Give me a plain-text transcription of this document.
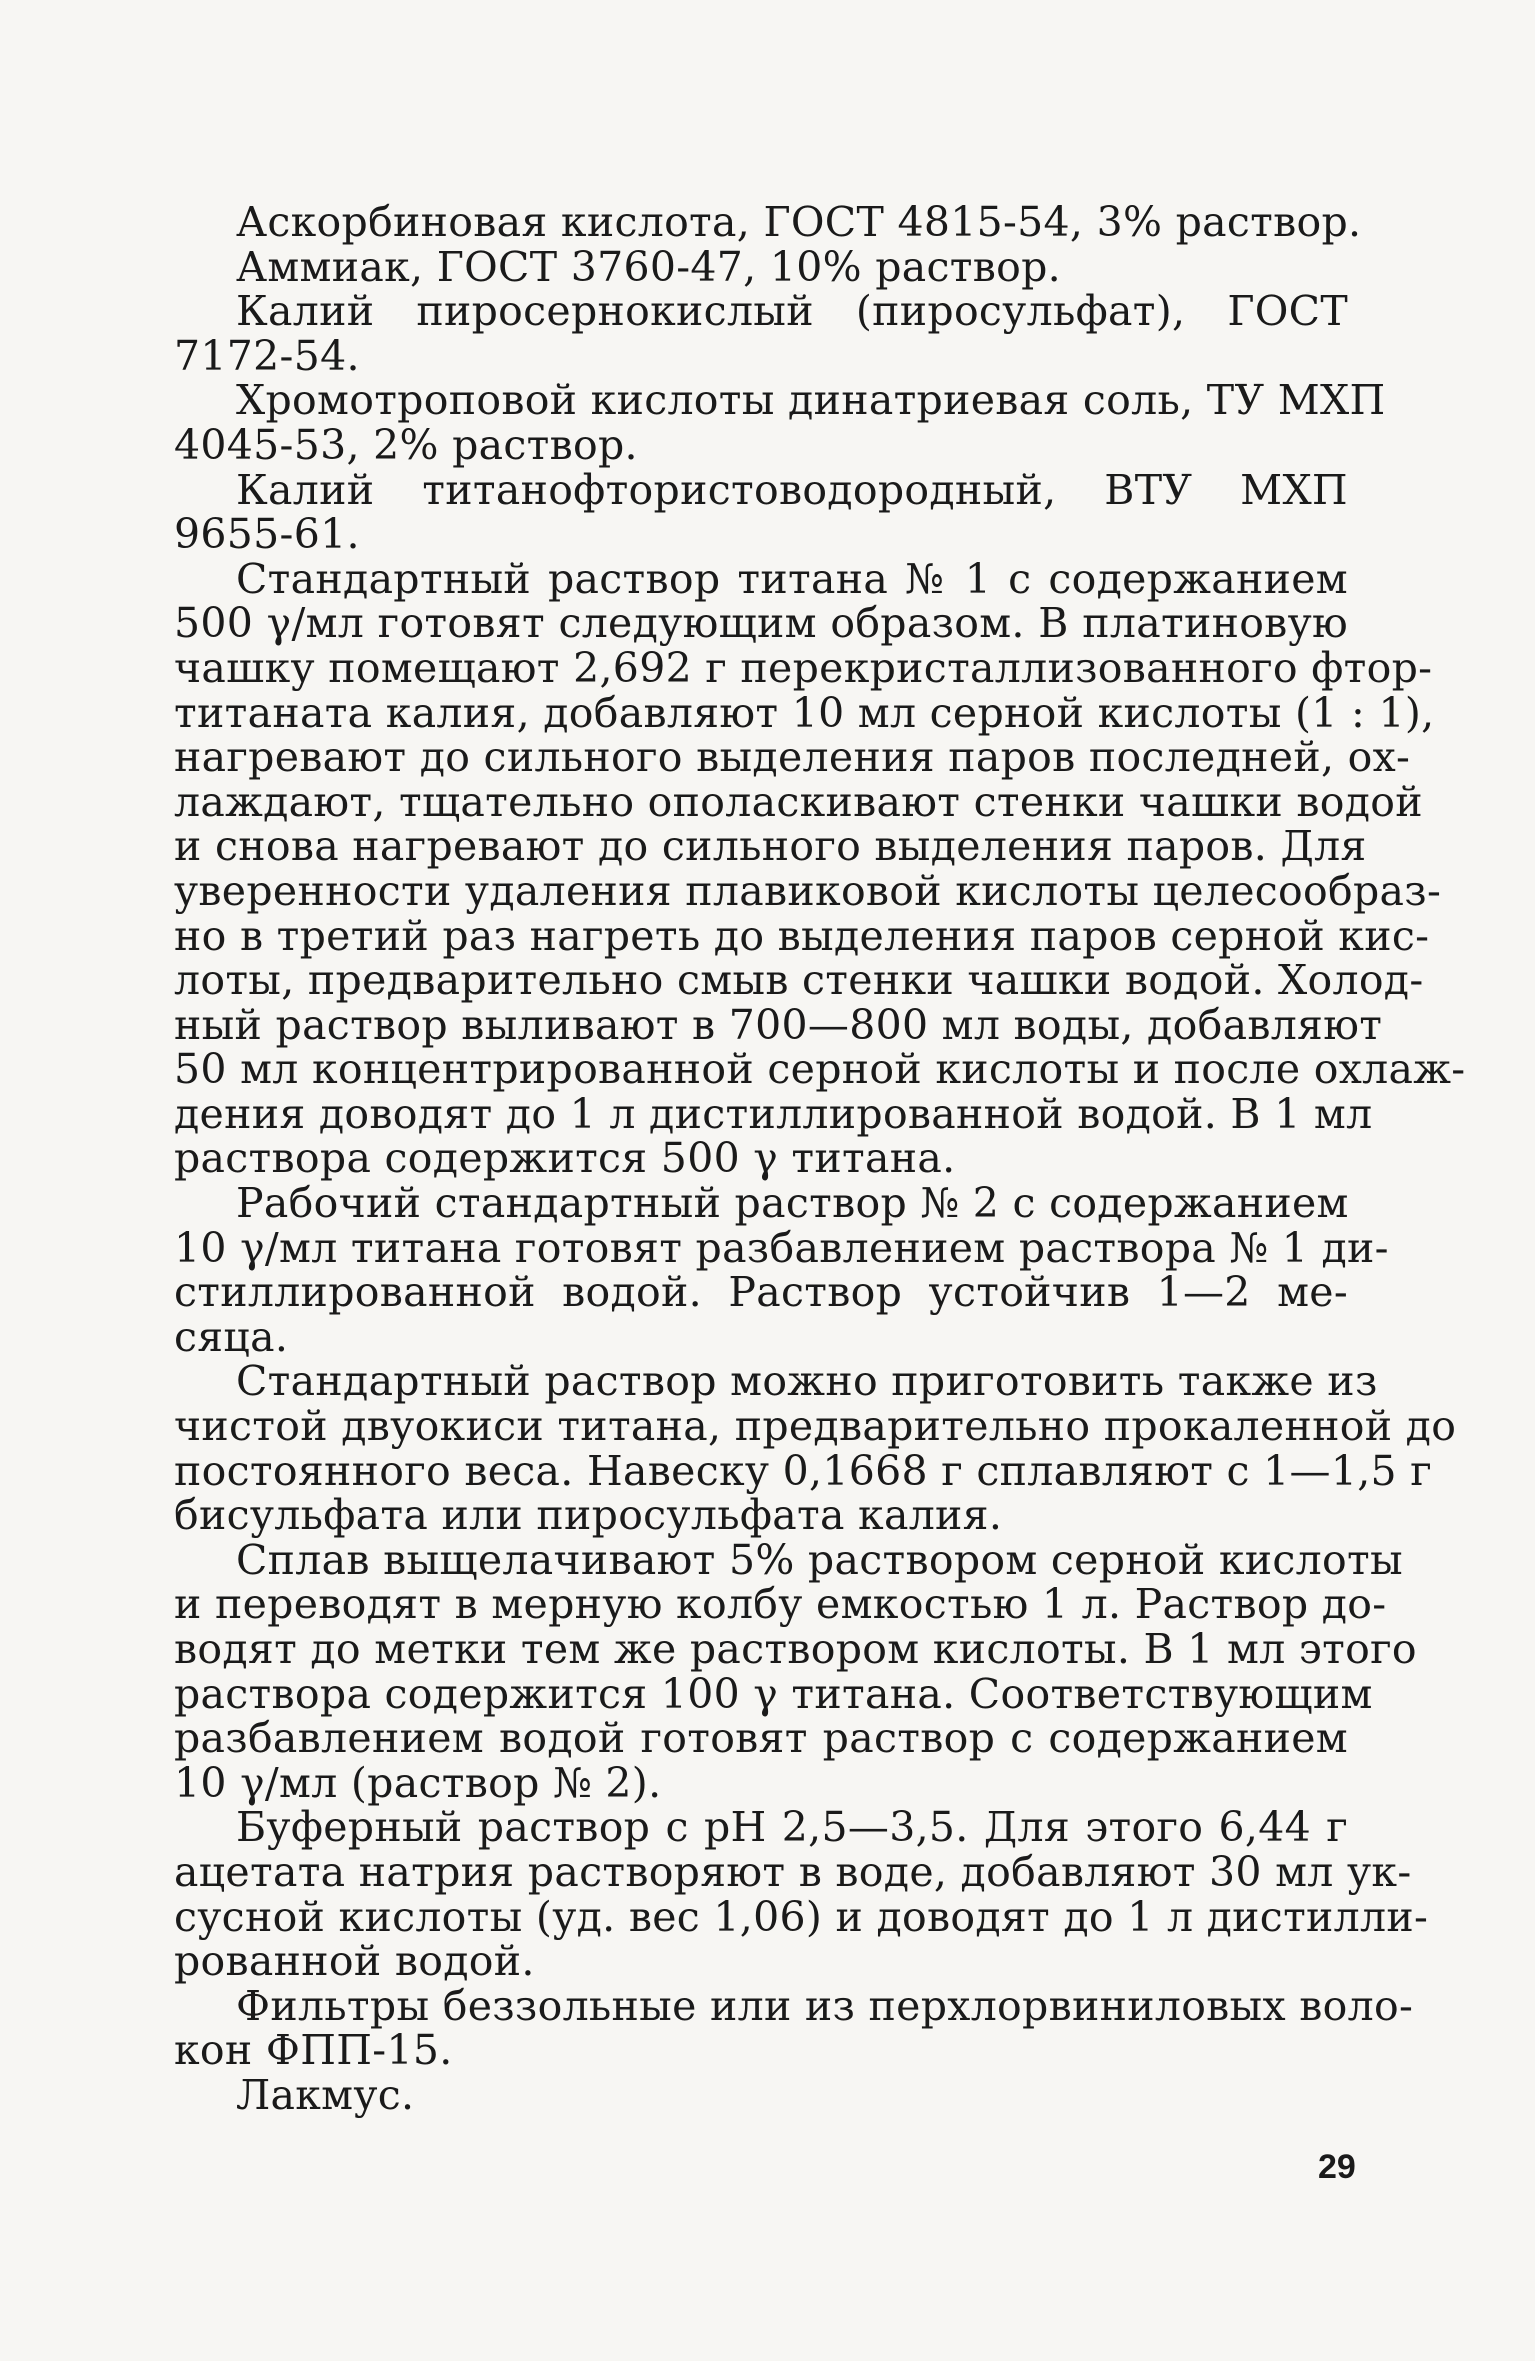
Аскорбиновая кислота, ГОСТ 4815-54, 3% раствор.

Аммиак, ГОСТ 3760-47, 10% раствор.

Калий пиросернокислый (пиросульфат), ГОСТ
7172-54.

Хромотроповой кислоты динатриевая соль, ТУ МХП
4045-53, 2% раствор.

Калий титанофтористоводородный, ВТУ МХП
9655-61.

Стандартный раствор титана № 1 с содержанием
500 γ/мл готовят следующим образом. В платиновую
чашку помещают 2,692 г перекристаллизованного фтор-
титаната калия, добавляют 10 мл серной кислоты (1 : 1),
нагревают до сильного выделения паров последней, ох-
лаждают, тщательно ополаскивают стенки чашки водой
и снова нагревают до сильного выделения паров. Для
уверенности удаления плавиковой кислоты целесообраз-
но в третий раз нагреть до выделения паров серной кис-
лоты, предварительно смыв стенки чашки водой. Холод-
ный раствор выливают в 700—800 мл воды, добавляют
50 мл концентрированной серной кислоты и после охлаж-
дения доводят до 1 л дистиллированной водой. В 1 мл
раствора содержится 500 γ титана.

Рабочий стандартный раствор № 2 с содержанием
10 γ/мл титана готовят разбавлением раствора № 1 ди-
стиллированной водой. Раствор устойчив 1—2 ме-
сяца.

Стандартный раствор можно приготовить также из
чистой двуокиси титана, предварительно прокаленной до
постоянного веса. Навеску 0,1668 г сплавляют с 1—1,5 г
бисульфата или пиросульфата калия.

Сплав выщелачивают 5% раствором серной кислоты
и переводят в мерную колбу емкостью 1 л. Раствор до-
водят до метки тем же раствором кислоты. В 1 мл этого
раствора содержится 100 γ титана. Соответствующим
разбавлением водой готовят раствор с содержанием
10 γ/мл (раствор № 2).

Буферный раствор с рН 2,5—3,5. Для этого 6,44 г
ацетата натрия растворяют в воде, добавляют 30 мл ук-
сусной кислоты (уд. вес 1,06) и доводят до 1 л дистилли-
рованной водой.

Фильтры беззольные или из перхлорвиниловых воло-
кон ФПП-15.

Лакмус.

29
